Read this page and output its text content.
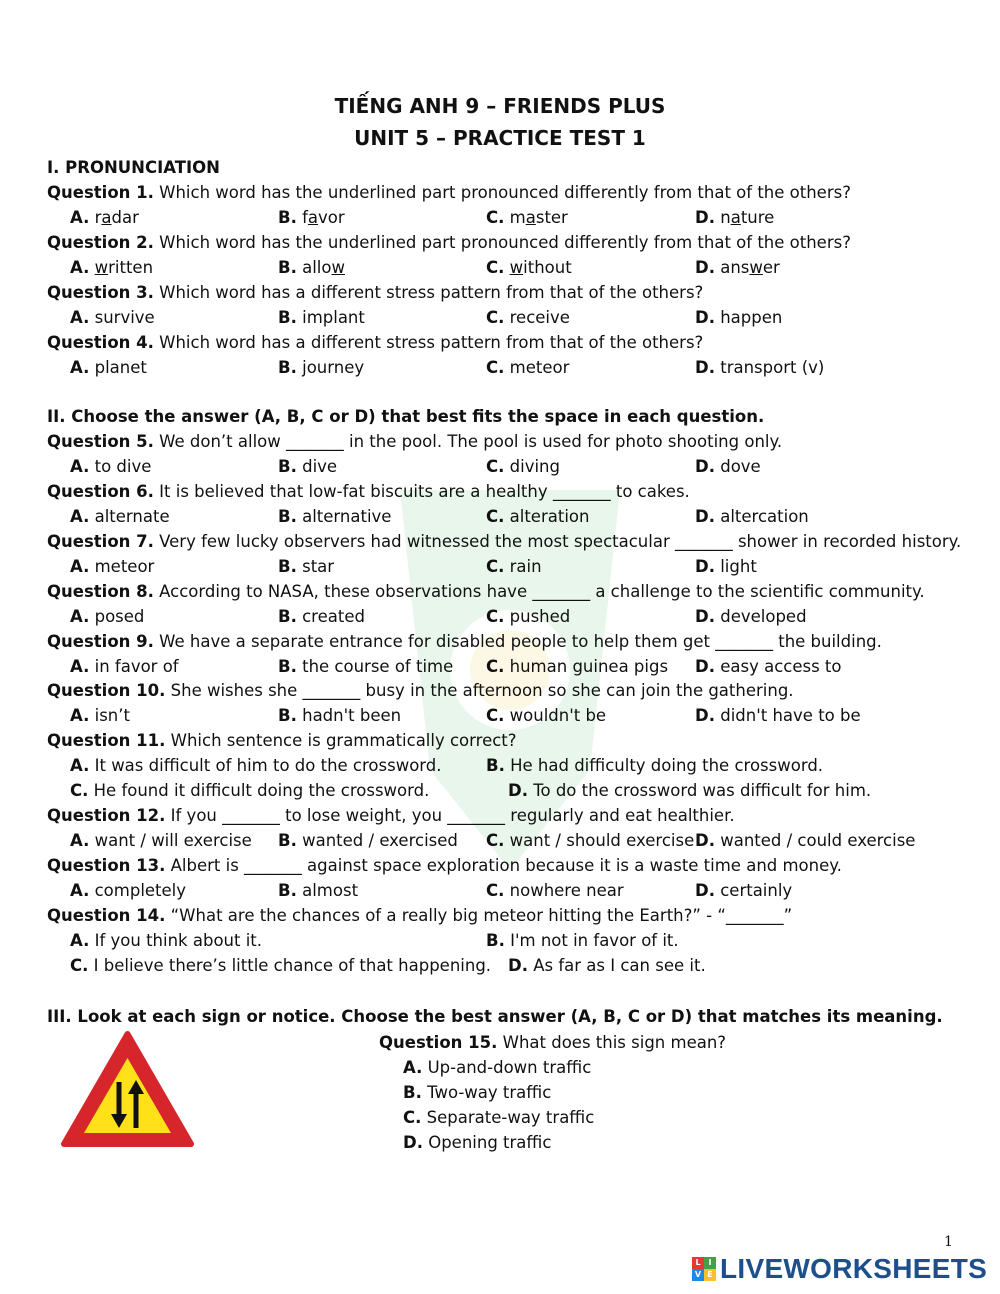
TIẾNG ANH 9 – FRIENDS PLUS
UNIT 5 – PRACTICE TEST 1
I. PRONUNCIATION
Question 1. Which word has the underlined part pronounced differently from that of the others?
A. radar	B. favor	C. master	D. nature
Question 2. Which word has the underlined part pronounced differently from that of the others?
A. written	B. allow	C. without	D. answer
Question 3. Which word has a different stress pattern from that of the others?
A. survive	B. implant	C. receive	D. happen
Question 4. Which word has a different stress pattern from that of the others?
A. planet	B. journey	C. meteor	D. transport (v)
II. Choose the answer (A, B, C or D) that best fits the space in each question.
Question 5. We don’t allow _______ in the pool. The pool is used for photo shooting only.
A. to dive	B. dive	C. diving	D. dove
Question 6. It is believed that low-fat biscuits are a healthy _______ to cakes.
A. alternate	B. alternative	C. alteration	D. altercation
Question 7. Very few lucky observers had witnessed the most spectacular _______ shower in recorded history.
A. meteor	B. star	C. rain	D. light
Question 8. According to NASA, these observations have _______ a challenge to the scientific community.
A. posed	B. created	C. pushed	D. developed
Question 9. We have a separate entrance for disabled people to help them get _______ the building.
A. in favor of	B. the course of time C. human guinea pigs D. easy access to
Question 10. She wishes she _______ busy in the afternoon so she can join the gathering.
A. isn’t	B. hadn't been	C. wouldn't be	D. didn't have to be
Question 11. Which sentence is grammatically correct?
A. It was difficult of him to do the crossword.	B. He had difficulty doing the crossword.
C. He found it difficult doing the crossword.	D. To do the crossword was difficult for him.
Question 12. If you _______ to lose weight, you _______ regularly and eat healthier.
A. want / will exercise B. wanted / exercised C. want / should exercise D. wanted / could exercise
Question 13. Albert is _______ against space exploration because it is a waste time and money.
A. completely	B. almost	C. nowhere near	D. certainly
Question 14. “What are the chances of a really big meteor hitting the Earth?” - “_______”
A. If you think about it.	B. I'm not in favor of it.
C. I believe there’s little chance of that happening. D. As far as I can see it.
III. Look at each sign or notice. Choose the best answer (A, B, C or D) that matches its meaning.
Question 15. What does this sign mean?
A. Up-and-down traffic
B. Two-way traffic
C. Separate-way traffic
D. Opening traffic
1
L I
V E LIVEWORKSHEETS
